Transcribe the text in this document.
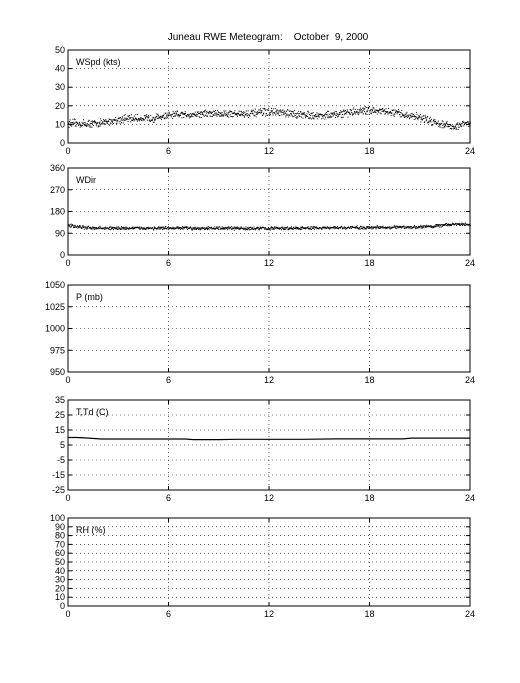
Juneau RWE Meteogram:    October  9, 2000
0
10
20
30
40
50
0	6	12	18	24
WSpd (kts)
0
90
180
270
360
0	6	12	18	24
WDir
950
975
1000
1025
1050
0	6	12	18	24
P (mb)
-25
-15
-5
5
15
25
35
0	6	12	18	24
T,Td (C)
0
10
20
30
40
50
60
70
80
90
100
0	6	12	18	24
RH (%)
